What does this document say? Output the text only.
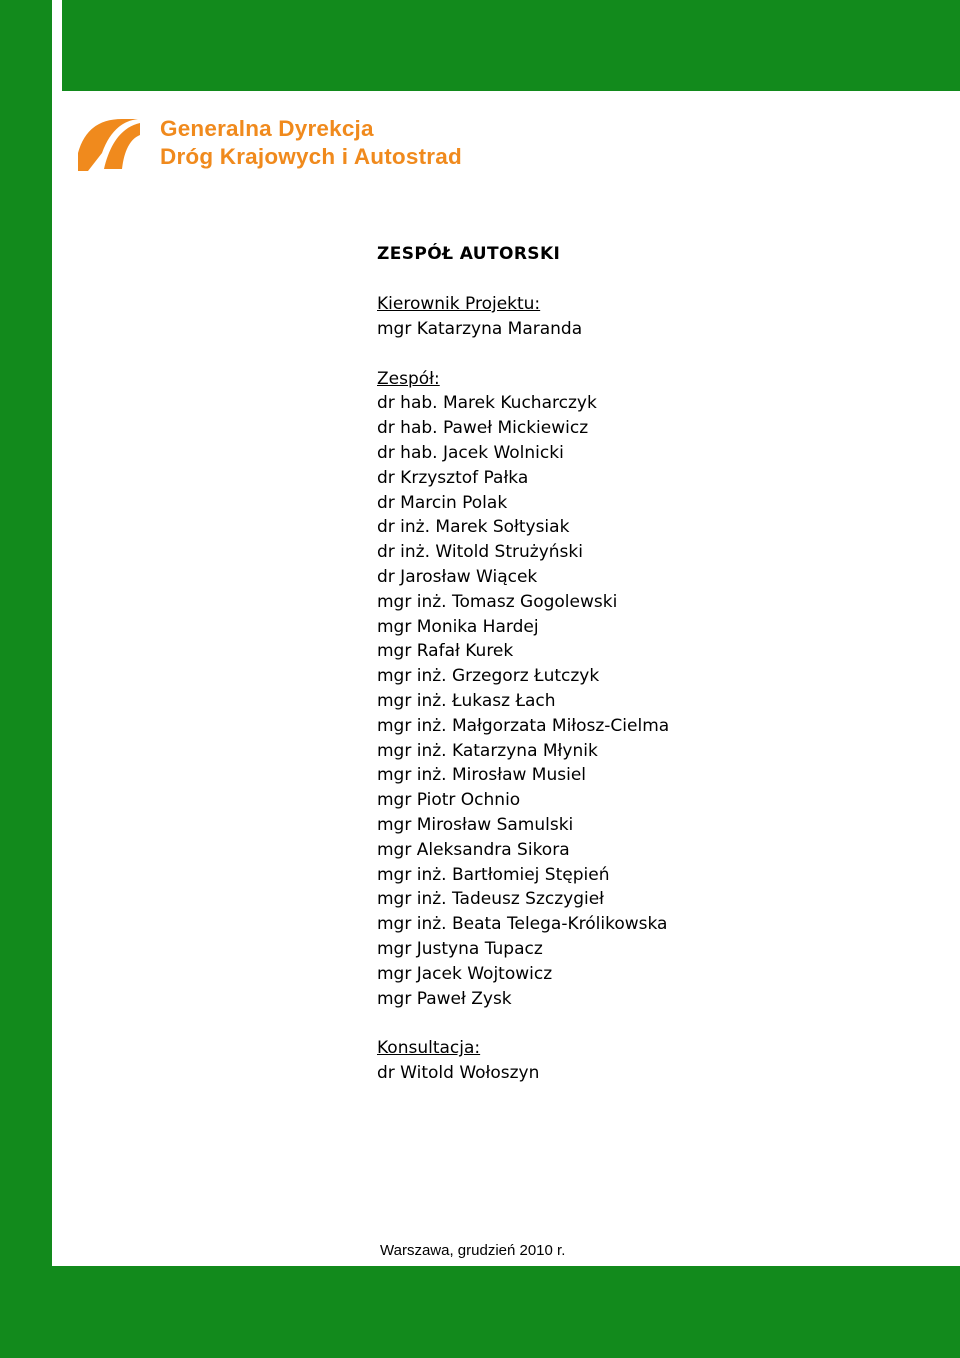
Generalna Dyrekcja
Dróg Krajowych i Autostrad
ZESPÓŁ AUTORSKI
Kierownik Projektu:
mgr Katarzyna Maranda
Zespół:
dr hab. Marek Kucharczyk
dr hab. Paweł Mickiewicz
dr hab. Jacek Wolnicki
dr Krzysztof Pałka
dr Marcin Polak
dr inż. Marek Sołtysiak
dr inż. Witold Strużyński
dr Jarosław Wiącek
mgr inż. Tomasz Gogolewski
mgr Monika Hardej
mgr Rafał Kurek
mgr inż. Grzegorz Łutczyk
mgr inż. Łukasz Łach
mgr inż. Małgorzata Miłosz-Cielma
mgr inż. Katarzyna Młynik
mgr inż. Mirosław Musiel
mgr Piotr Ochnio
mgr Mirosław Samulski
mgr Aleksandra Sikora
mgr inż. Bartłomiej Stępień
mgr inż. Tadeusz Szczygieł
mgr inż. Beata Telega-Królikowska
mgr Justyna Tupacz
mgr Jacek Wojtowicz
mgr Paweł Zysk
Konsultacja:
dr Witold Wołoszyn
Warszawa, grudzień 2010 r.
